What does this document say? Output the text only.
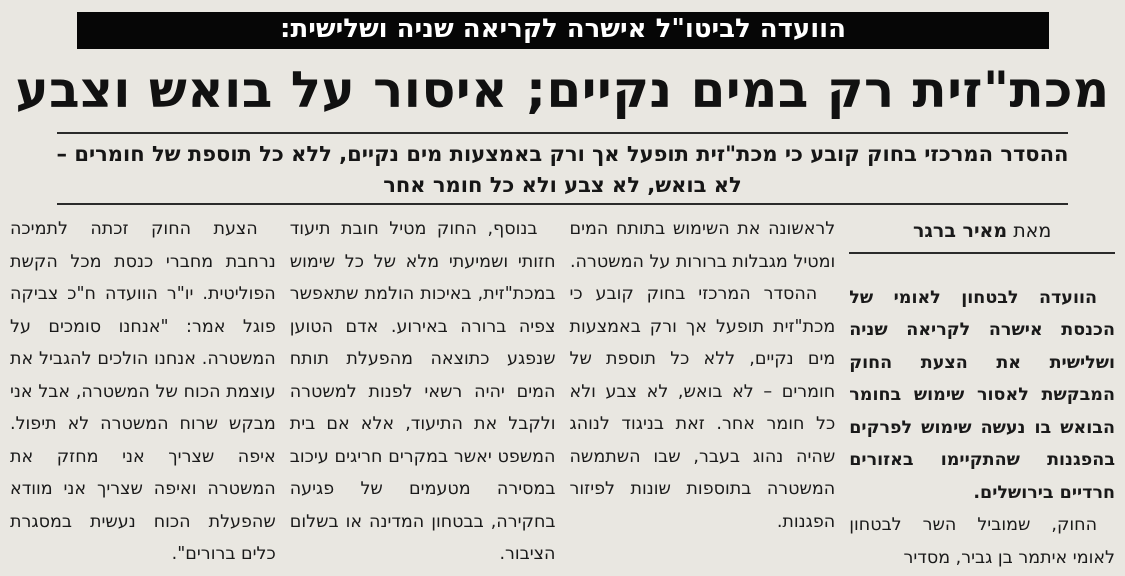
הוועדה לביטו"ל אישרה לקריאה שניה ושלישית:
מכת"זית רק במים נקיים; איסור על בואש וצבע
ההסדר המרכזי בחוק קובע כי מכת"זית תופעל אך ורק באמצעות מים נקיים, ללא כל תוספת של חומרים –
לא בואש, לא צבע ולא כל חומר אחר
מאת מאיר ברגר

הוועדה לבטחון לאומי של הכנסת אישרה לקריאה שניה ושלישית את הצעת החוק המבקשת לאסור שימוש בחומר הבואש בו נעשה שימוש לפרקים בהפגנות שהתקיימו באזורים חרדיים בירושלים.

החוק, שמוביל השר לבטחון לאומי איתמר בן גביר, מסדיר

לראשונה את השימוש בתותח המים ומטיל מגבלות ברורות על המשטרה.

ההסדר המרכזי בחוק קובע כי מכת"זית תופעל אך ורק באמצעות מים נקיים, ללא כל תוספת של חומרים – לא בואש, לא צבע ולא כל חומר אחר. זאת בניגוד לנוהג שהיה נהוג בעבר, שבו השתמשה המשטרה בתוספות שונות לפיזור הפגנות.

בנוסף, החוק מטיל חובת תיעוד חזותי ושמיעתי מלא של כל שימוש במכת"זית, באיכות הולמת שתאפשר צפיה ברורה באירוע. אדם הטוען שנפגע כתוצאה מהפעלת תותח המים יהיה רשאי לפנות למשטרה ולקבל את התיעוד, אלא אם בית המשפט יאשר במקרים חריגים עיכוב במסירה מטעמים של פגיעה בחקירה, בבטחון המדינה או בשלום הציבור.

הצעת החוק זכתה לתמיכה נרחבת מחברי כנסת מכל הקשת הפוליטית. יו"ר הוועדה ח"כ צביקה פוגל אמר: "אנחנו סומכים על המשטרה. אנחנו הולכים להגביל את עוצמת הכוח של המשטרה, אבל אני מבקש שרוח המשטרה לא תיפול. איפה שצריך אני מחזק את המשטרה ואיפה שצריך אני מוודא שהפעלת הכוח נעשית במסגרת כלים ברורים".
